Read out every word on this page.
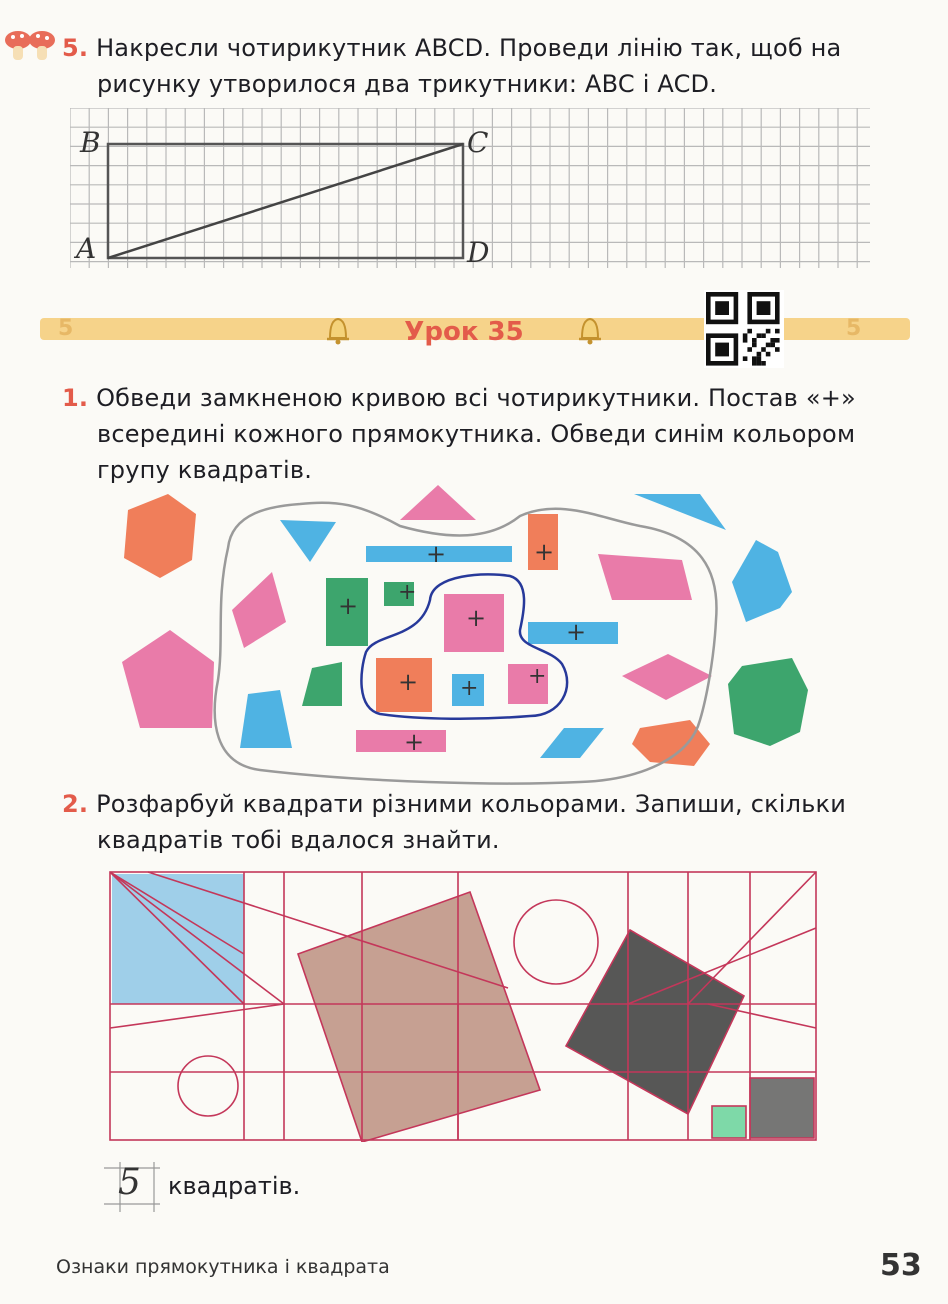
5. Накресли чотирикутник ABCD. Проведи лінію так, щоб на
рисунку утворилося два трикутники: ABC і ACD.
B	C
A	D
5	5
Урок 35
1. Обведи замкненою кривою всі чотирикутники. Постав «+»
всередині кожного прямокутника. Обведи синім кольором
групу квадратів.
+	+
+ +
+	+
+ + +
+
2. Розфарбуй квадрати різними кольорами. Запиши, скільки
квадратів тобі вдалося знайти.
5 квадратів.
Ознаки прямокутника і квадрата	53
